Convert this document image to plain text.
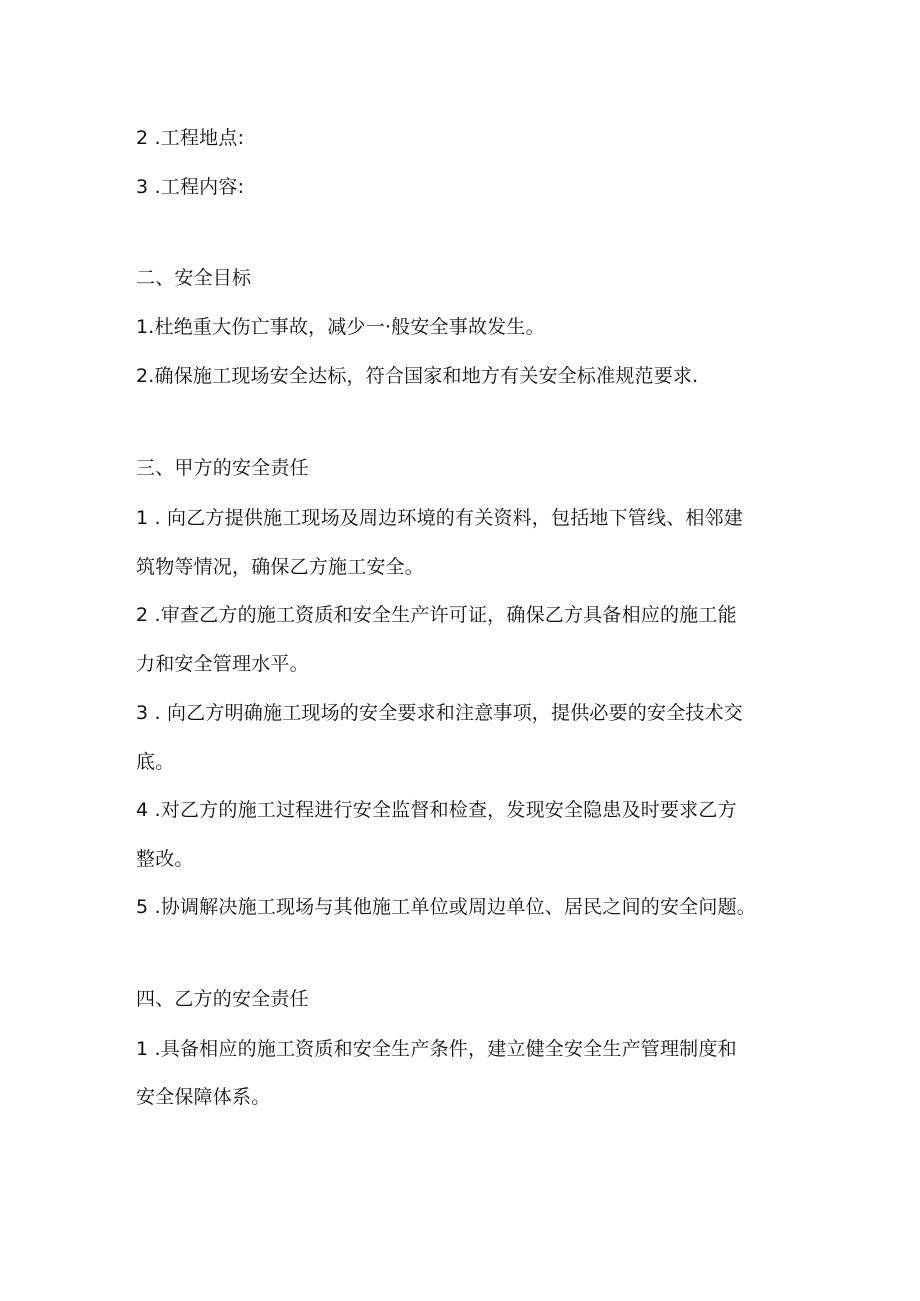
2 .工程地点:
3 .工程内容:
二、安全目标
1.杜绝重大伤亡事故，减少一·般安全事故发生。
2.确保施工现场安全达标，符合国家和地方有关安全标准规范要求.
三、甲方的安全责任
1 . 向乙方提供施工现场及周边环境的有关资料，包括地下管线、相邻建
筑物等情况，确保乙方施工安全。
2 .审查乙方的施工资质和安全生产许可证，确保乙方具备相应的施工能
力和安全管理水平。
3 . 向乙方明确施工现场的安全要求和注意事项，提供必要的安全技术交
底。
4 .对乙方的施工过程进行安全监督和检查，发现安全隐患及时要求乙方
整改。
5 .协调解决施工现场与其他施工单位或周边单位、居民之间的安全问题。
四、乙方的安全责任
1 .具备相应的施工资质和安全生产条件，建立健全安全生产管理制度和
安全保障体系。
